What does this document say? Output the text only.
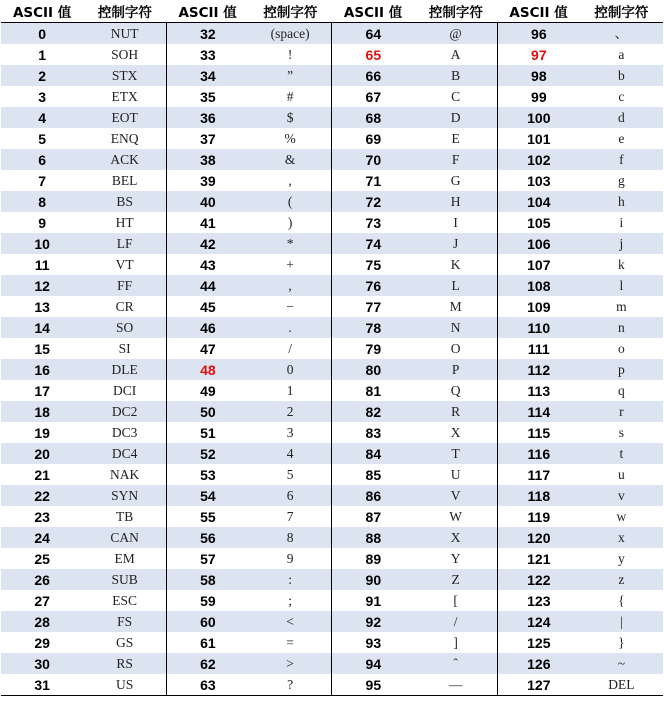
ASCII 值	控制字符	ASCII 值	控制字符	ASCII 值	控制字符	ASCII 值	控制字符
0	NUT	32	(space)	64	@	96	、
1	SOH	33	!	65	A	97	a
2	STX	34	”	66	B	98	b
3	ETX	35	#	67	C	99	c
4	EOT	36	$	68	D	100	d
5	ENQ	37	%	69	E	101	e
6	ACK	38	&	70	F	102	f
7	BEL	39	,	71	G	103	g
8	BS	40	(	72	H	104	h
9	HT	41	)	73	I	105	i
10	LF	42	*	74	J	106	j
11	VT	43	+	75	K	107	k
12	FF	44	,	76	L	108	l
13	CR	45	−	77	M	109	m
14	SO	46	.	78	N	110	n
15	SI	47	/	79	O	111	o
16	DLE	48	0	80	P	112	p
17	DCI	49	1	81	Q	113	q
18	DC2	50	2	82	R	114	r
19	DC3	51	3	83	X	115	s
20	DC4	52	4	84	T	116	t
21	NAK	53	5	85	U	117	u
22	SYN	54	6	86	V	118	v
23	TB	55	7	87	W	119	w
24	CAN	56	8	88	X	120	x
25	EM	57	9	89	Y	121	y
26	SUB	58	:	90	Z	122	z
27	ESC	59	;	91	[	123	{
28	FS	60	<	92	/	124	|
29	GS	61	=	93	]	125	}
30	RS	62	>	94	ˆ	126	~
31	US	63	?	95	—	127	DEL
